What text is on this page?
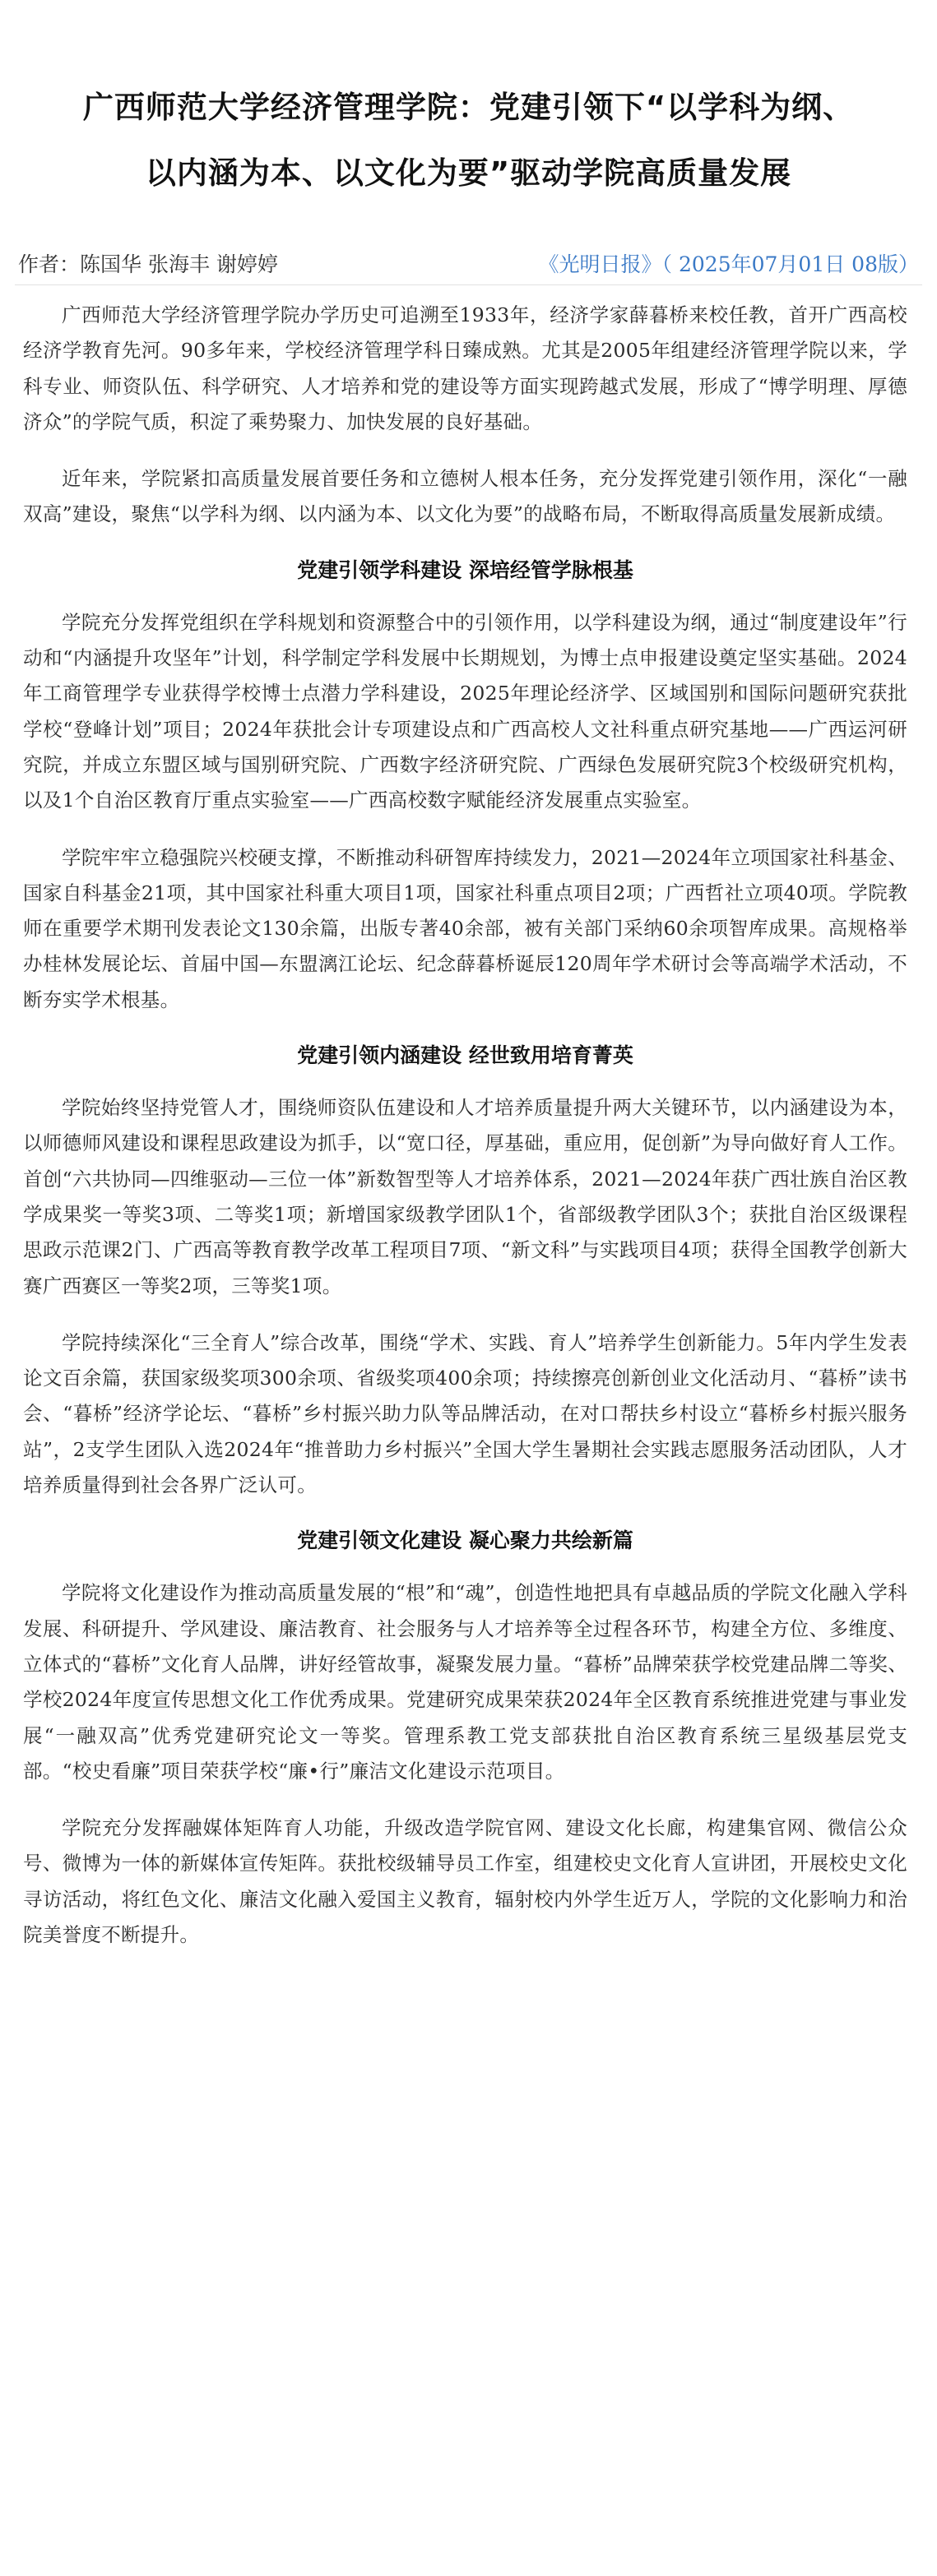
广西师范大学经济管理学院：党建引领下“以学科为纲、
以内涵为本、以文化为要”驱动学院高质量发展
作者：陈国华 张海丰 谢婷婷	《光明日报》（ 2025年07月01日 08版）

广西师范大学经济管理学院办学历史可追溯至1933年，经济学家薛暮桥来校任教，首开广西高校经济学教育先河。90多年来，学校经济管理学科日臻成熟。尤其是2005年组建经济管理学院以来，学科专业、师资队伍、科学研究、人才培养和党的建设等方面实现跨越式发展，形成了“博学明理、厚德济众”的学院气质，积淀了乘势聚力、加快发展的良好基础。

近年来，学院紧扣高质量发展首要任务和立德树人根本任务，充分发挥党建引领作用，深化“一融双高”建设，聚焦“以学科为纲、以内涵为本、以文化为要”的战略布局，不断取得高质量发展新成绩。

党建引领学科建设 深培经管学脉根基

学院充分发挥党组织在学科规划和资源整合中的引领作用，以学科建设为纲，通过“制度建设年”行动和“内涵提升攻坚年”计划，科学制定学科发展中长期规划，为博士点申报建设奠定坚实基础。2024年工商管理学专业获得学校博士点潜力学科建设，2025年理论经济学、区域国别和国际问题研究获批学校“登峰计划”项目；2024年获批会计专项建设点和广西高校人文社科重点研究基地——广西运河研究院，并成立东盟区域与国别研究院、广西数字经济研究院、广西绿色发展研究院3个校级研究机构，以及1个自治区教育厅重点实验室——广西高校数字赋能经济发展重点实验室。

学院牢牢立稳强院兴校硬支撑，不断推动科研智库持续发力，2021—2024年立项国家社科基金、国家自科基金21项，其中国家社科重大项目1项，国家社科重点项目2项；广西哲社立项40项。学院教师在重要学术期刊发表论文130余篇，出版专著40余部，被有关部门采纳60余项智库成果。高规格举办桂林发展论坛、首届中国—东盟漓江论坛、纪念薛暮桥诞辰120周年学术研讨会等高端学术活动，不断夯实学术根基。

党建引领内涵建设 经世致用培育菁英

学院始终坚持党管人才，围绕师资队伍建设和人才培养质量提升两大关键环节，以内涵建设为本，以师德师风建设和课程思政建设为抓手，以“宽口径，厚基础，重应用，促创新”为导向做好育人工作。首创“六共协同—四维驱动—三位一体”新数智型等人才培养体系，2021—2024年获广西壮族自治区教学成果奖一等奖3项、二等奖1项；新增国家级教学团队1个，省部级教学团队3个；获批自治区级课程思政示范课2门、广西高等教育教学改革工程项目7项、“新文科”与实践项目4项；获得全国教学创新大赛广西赛区一等奖2项，三等奖1项。

学院持续深化“三全育人”综合改革，围绕“学术、实践、育人”培养学生创新能力。5年内学生发表论文百余篇，获国家级奖项300余项、省级奖项400余项；持续擦亮创新创业文化活动月、“暮桥”读书会、“暮桥”经济学论坛、“暮桥”乡村振兴助力队等品牌活动，在对口帮扶乡村设立“暮桥乡村振兴服务站”，2支学生团队入选2024年“推普助力乡村振兴”全国大学生暑期社会实践志愿服务活动团队，人才培养质量得到社会各界广泛认可。

党建引领文化建设 凝心聚力共绘新篇

学院将文化建设作为推动高质量发展的“根”和“魂”，创造性地把具有卓越品质的学院文化融入学科发展、科研提升、学风建设、廉洁教育、社会服务与人才培养等全过程各环节，构建全方位、多维度、立体式的“暮桥”文化育人品牌，讲好经管故事，凝聚发展力量。“暮桥”品牌荣获学校党建品牌二等奖、学校2024年度宣传思想文化工作优秀成果。党建研究成果荣获2024年全区教育系统推进党建与事业发展“一融双高”优秀党建研究论文一等奖。管理系教工党支部获批自治区教育系统三星级基层党支部。“校史看廉”项目荣获学校“廉•行”廉洁文化建设示范项目。

学院充分发挥融媒体矩阵育人功能，升级改造学院官网、建设文化长廊，构建集官网、微信公众号、微博为一体的新媒体宣传矩阵。获批校级辅导员工作室，组建校史文化育人宣讲团，开展校史文化寻访活动，将红色文化、廉洁文化融入爱国主义教育，辐射校内外学生近万人，学院的文化影响力和治院美誉度不断提升。
